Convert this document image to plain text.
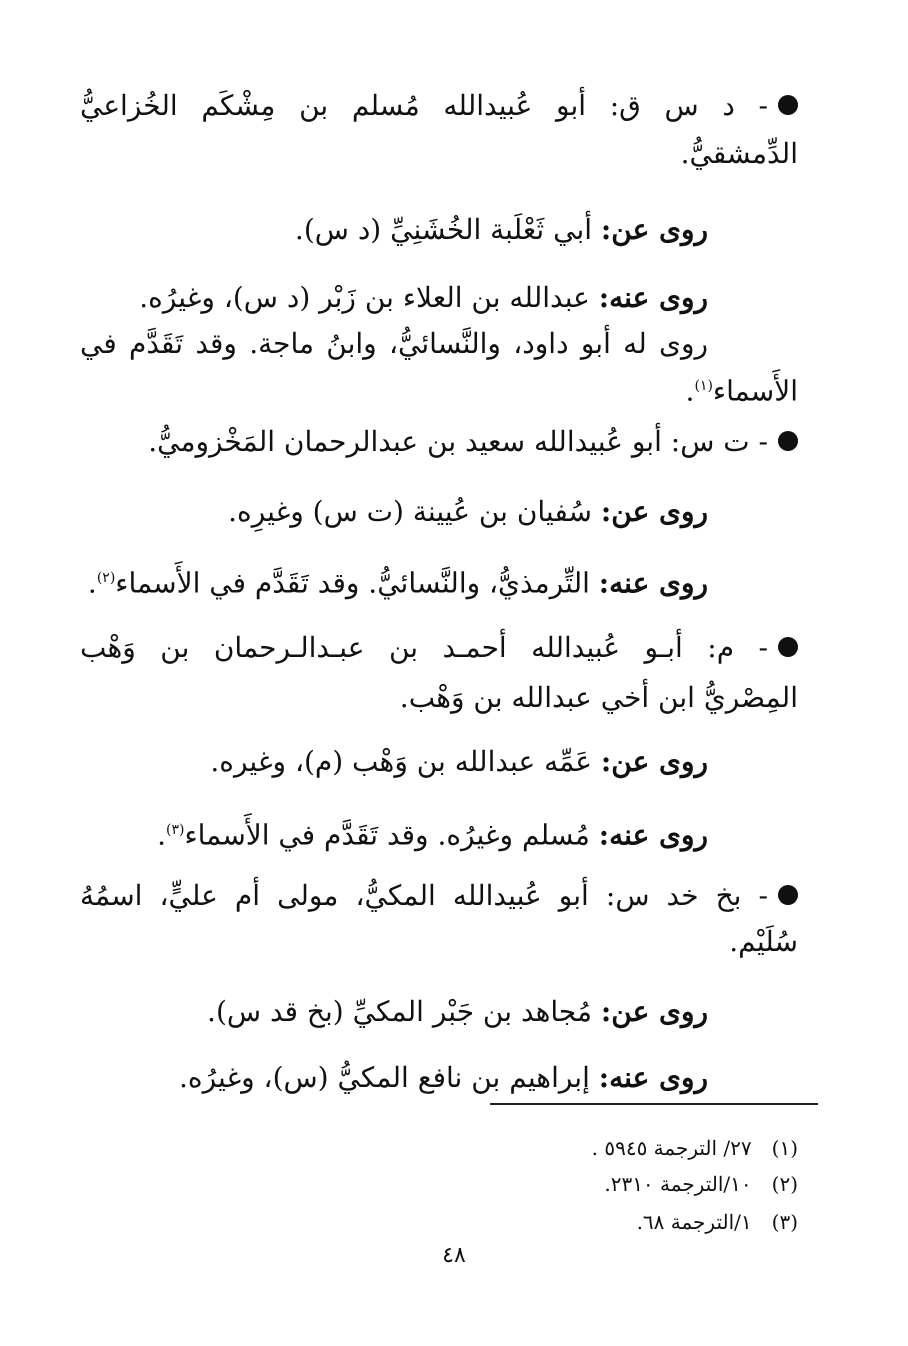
- د س ق: أبو عُبيدالله مُسلم بن مِشْكَم الخُزاعيُّ
الدِّمشقيُّ.
روى عن: أبي ثَعْلَبة الخُشَنِيِّ (د س).
روى عنه: عبدالله بن العلاء بن زَبْر (د س)، وغيرُه.
روى له أبو داود، والنَّسائيُّ، وابنُ ماجة. وقد تَقَدَّم في
الأَسماء$^{(١)}$.
- ت س: أبو عُبيدالله سعيد بن عبدالرحمان المَخْزوميُّ.
روى عن: سُفيان بن عُيينة (ت س) وغيرِه.
روى عنه: التِّرمذيُّ، والنَّسائيُّ. وقد تَقَدَّم في الأَسماء$^{(٢)}$.
- م: أبـو عُبيدالله أحمـد بن عبـدالـرحمان بن وَهْب
المِصْريُّ ابن أخي عبدالله بن وَهْب.
روى عن: عَمِّه عبدالله بن وَهْب (م)، وغيره.
روى عنه: مُسلم وغيرُه. وقد تَقَدَّم في الأَسماء$^{(٣)}$.
- بخ خد س: أبو عُبيدالله المكيُّ، مولى أم عليٍّ، اسمُهُ
سُلَيْم.
روى عن: مُجاهد بن جَبْر المكيِّ (بخ قد س).
روى عنه: إبراهيم بن نافع المكيُّ (س)، وغيرُه.
(١)٢٧/ الترجمة ٥٩٤٥ .
(٢)١٠/الترجمة ٢٣١٠.
(٣)١/الترجمة ٦٨.
٤٨
